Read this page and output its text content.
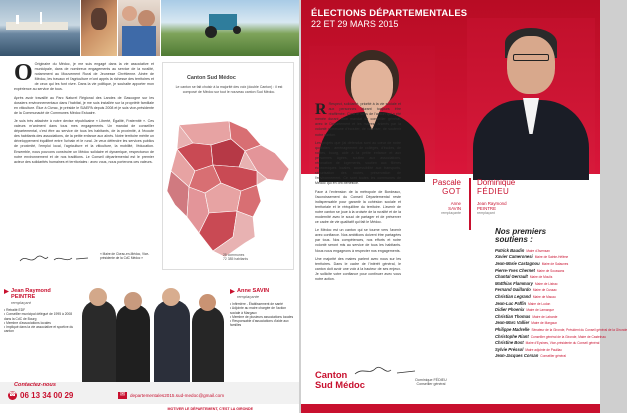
O Originaire du Médoc, je me suis engagé dans la vie associative et municipale, dans de nombreux engagements au service de la ruralité, notamment au Mouvement Rural de Jeunesse Chrétienne. Ainée de Médoc, les travaux et l'agriculture m'ont appris la richesse des territoires et de ceux qui les font vivre. Dans la vie politique, je souhaite apporter mon expérience au service de tous.
Après avoir travaillé au Parc Naturel Régional des Landes de Gascogne sur les dossiers environnementaux dans l'habitat, je me suis installée sur la propriété familiale en viticulture. Élue à Civrac, je préside le SIAEPA depuis 2008 et je suis vice-présidente de la Communauté de Communes Médoc Estuaire.
Je suis très attachée à notre devise républicaine « Liberté, Égalité, Fraternité ». Ces valeurs m'animent dans tous mes engagements. Un mandat de conseiller départemental, c'est être au service de tous les habitants, de la proximité, à l'écoute des habitants des associations, de la petite enfance aux aînés. Notre territoire mérite un développement équilibré entre l'urbain et le rural. Je veux défendre les services publics de proximité, l'emploi local, l'agriculture et la viticulture, la mobilité, l'éducation. Ensemble, nous pouvons construire un Médoc solidaire et dynamique, respectueux de notre environnement et de nos traditions. Le Conseil départemental est le premier acteur des solidarités humaines et territoriales : avec vous, nous porterons ces valeurs.
« Maire de Civrac-en-Médoc, Vice-présidente de la CdC Médoc »
Canton Sud Médoc
Le canton se fait choisir à la majorité des voix (double Canton) : il est composé de Médoc sur tout le nouveau canton Sud Médoc.
25 communes
72 385 habitants
Jean Raymond
PEINTRE
remplaçant
• Retraité EDF
• Conseiller municipal délégué de 1995 à 2008 dans la CdC de Bourg
• Membre d'associations locales
• Impliqué dans la vie associative et sportive du canton
Anne SAVIN
remplaçante
• Infirmière - Établissement de santé
• Adjointe au maire chargée de l'action sociale à Margaux
• Membre de plusieurs associations locales
• Responsable d'associations d'aide aux familles
Contactez-nous
☎ 06 13 34 00 29	✉	departementales2015.sud-medoc@gmail.com
MOTIVER LE DÉPARTEMENT, C'EST LA GIRONDE
ÉLECTIONS DÉPARTEMENTALES
22 ET 29 MARS 2015
Pascale
GOT
Anne
SAVIN
remplaçante
Dominique
FÉDIEU
Jean Raymond
PEINTRE
remplaçant
R Respect, solidarité, priorité à la vie sociale et aux personnes durant toujours être réaffirmée. C'est le sens de l'action qui a été menée durant mon mandat de conseiller général, avec le Département et les maires, animés par la volonté commune d'écouter, de valoriser, de soutenir notre canton.
Les projets que j'ai défendus sont au cœur de notre quotidien : aménagement de collèges, d'écoles, de routes, bourg, aide à la petite enfance et aux personnes âgées, soutien aux associations, rénovation de logements, soutien aux filières économiques locales, accessibilité aux transports, sécurisation des routes, préservation de l'environnement. Ce sont toutes les communes de Médoc qui en ont bénéficié.
Face à l'extension de la métropole de Bordeaux, l'accroissement du Conseil Départemental reste indispensable pour garantir la cohésion sociale et territoriale et le rééquilibre du territoire. L'avenir de notre canton se joue à la croisée de la ruralité et de la modernité avec le souci de partager et de préserver ce cadre de vie qualitatif qui fait le Médoc.
Le Médoc est un canton qui se tourne vers l'avenir avec confiance. Nos ambitions doivent être partagées par tous. Nos compétences, nos efforts et notre volonté seront mis au service de tous les habitants. Nous nous engageons à respecter nos engagements.
Une majorité des maires parlent avec nous sur les territoires. Dans le cadre de l'intérêt général, le canton doit avoir une voix à la hauteur de ses enjeux. Je sollicite votre confiance pour continuer avec vous notre action.
Dominique FÉDIEU
Conseiller général
Canton
Sud Médoc
Nos premiers
soutiens :
Patrick Baudin Maire d'Avensan
Xavier Cameronesi Maire de Sainte-Hélène
Jean-Marie Castagnou Maire de Salaunes
Pierre-Yves Chernet Maire de Soussans
Chantal Gerrault Maire de Moulis
Matthias Flammary Maire de Listrac
Fernand Gaillardo Maire de Cussac
Christian Legrand Maire de Macau
Jean-Luc Paffin Maire de Ludon
Didier Phoenix Maire de Lamarque
Christian Thomas Maire de Labarde
Jean-Marc Vallier Maire de Margaux
Philippe Madrelle Sénateur de la Gironde, Président du Conseil général de la Gironde
Christophe Riant Conseiller général de la Gironde, Maire de Castelnau
Christine Bost Maire d'Eysines, Vice-présidente du Conseil général
Sylvie Préssol Maire adjointe de Pauillac
Jean-Jacques Corsan Conseiller général
